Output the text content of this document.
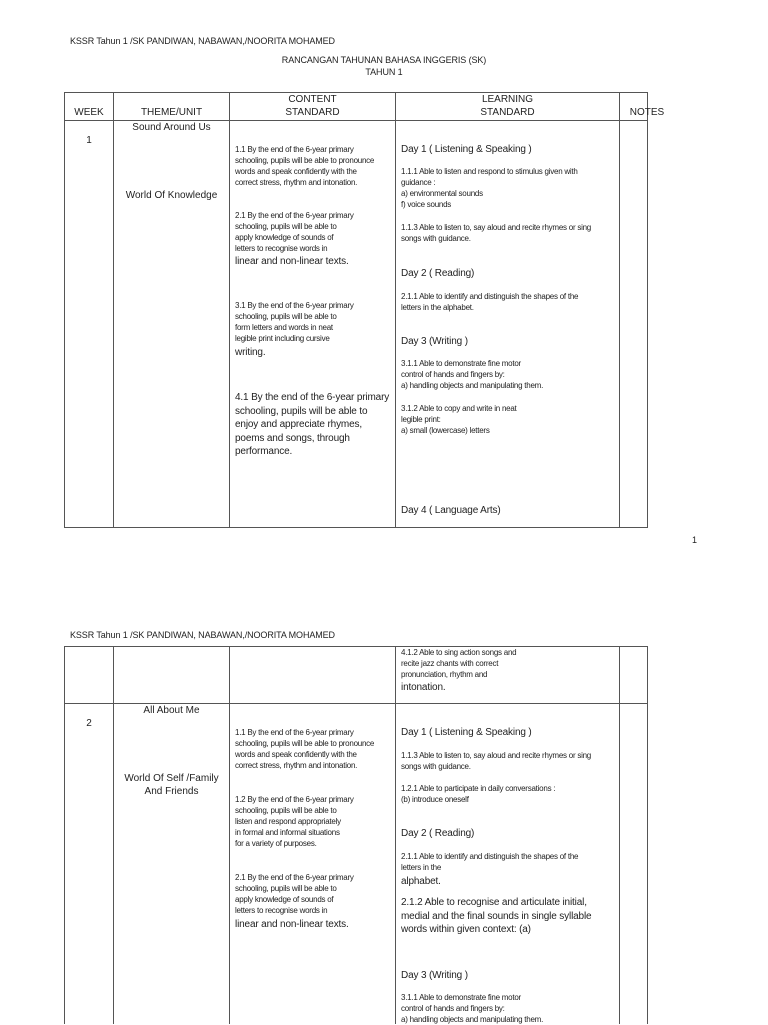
KSSR Tahun 1 /SK PANDIWAN, NABAWAN,/NOORITA MOHAMED
RANCANGAN TAHUNAN BAHASA INGGERIS (SK)
TAHUN 1
WEEK	THEME/UNIT
CONTENT
STANDARD
LEARNING
STANDARD	NOTES
1
Sound Around Us
World Of Knowledge
1.1 By the end of the 6-year primary
schooling, pupils will be able to pronounce
words and speak confidently with the
correct stress, rhythm and intonation.
2.1 By the end of the 6-year primary
schooling, pupils will be able to
apply knowledge of sounds of
letters to recognise words in
linear and non-linear texts.
3.1 By the end of the 6-year primary
schooling, pupils will be able to
form letters and words in neat
legible print including cursive
writing.
4.1 By the end of the 6-year primary
schooling, pupils will be able to
enjoy and appreciate rhymes,
poems and songs, through
performance.
Day 1 ( Listening & Speaking )
1.1.1 Able to listen and respond to stimulus given with
guidance :
a) environmental sounds
f) voice sounds
1.1.3 Able to listen to, say aloud and recite rhymes or sing
songs with guidance.
Day 2 ( Reading)
2.1.1 Able to identify and distinguish the shapes of the
letters in the alphabet.
Day 3 (Writing )
3.1.1 Able to demonstrate fine motor
control of hands and fingers by:
a) handling objects and manipulating them.
3.1.2 Able to copy and write in neat
legible print:
a) small (lowercase) letters
Day 4 ( Language Arts)
1
KSSR Tahun 1 /SK PANDIWAN, NABAWAN,/NOORITA MOHAMED
4.1.2 Able to sing action songs and
recite jazz chants with correct
pronunciation, rhythm and
intonation.
2
All About Me
World Of Self /Family
And Friends
1.1 By the end of the 6-year primary
schooling, pupils will be able to pronounce
words and speak confidently with the
correct stress, rhythm and intonation.
1.2 By the end of the 6-year primary
schooling, pupils will be able to
listen and respond appropriately
in formal and informal situations
for a variety of purposes.
2.1 By the end of the 6-year primary
schooling, pupils will be able to
apply knowledge of sounds of
letters to recognise words in
linear and non-linear texts.
Day 1 ( Listening & Speaking )
1.1.3 Able to listen to, say aloud and recite rhymes or sing
songs with guidance.
1.2.1 Able to participate in daily conversations :
(b) introduce oneself
Day 2 ( Reading)
2.1.1 Able to identify and distinguish the shapes of the
letters in the
alphabet.
2.1.2 Able to recognise and articulate initial,
medial and the final sounds in single syllable
words within given context: (a)
Day 3 (Writing )
3.1.1 Able to demonstrate fine motor
control of hands and fingers by:
a) handling objects and manipulating them.
